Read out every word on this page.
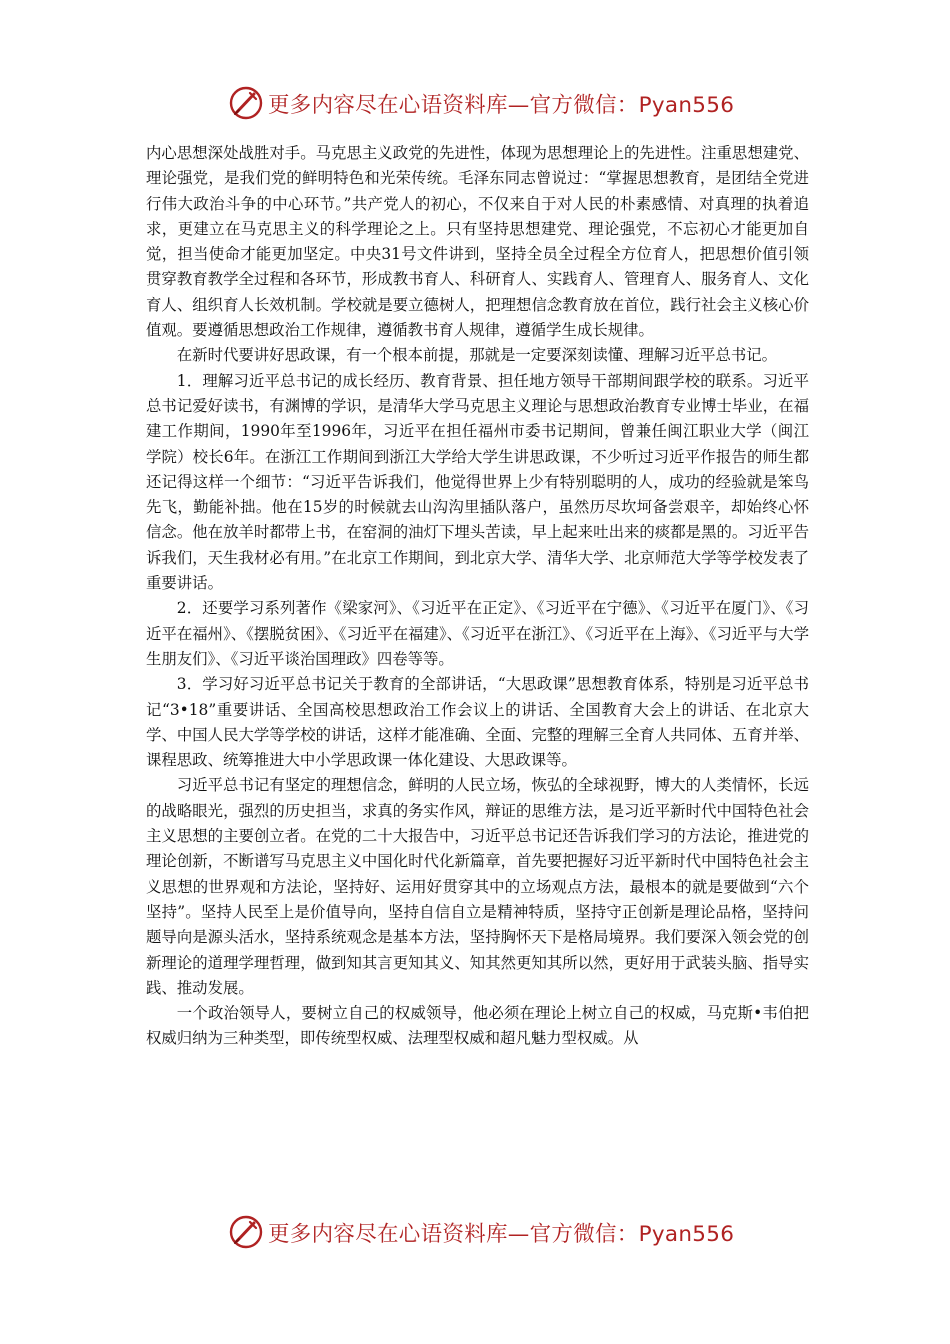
更多内容尽在心语资料库—官方微信：Pyan556

内心思想深处战胜对手。马克思主义政党的先进性，体现为思想理论上的先进性。注重思想建党、理论强党，是我们党的鲜明特色和光荣传统。毛泽东同志曾说过：“掌握思想教育，是团结全党进行伟大政治斗争的中心环节。”共产党人的初心，不仅来自于对人民的朴素感情、对真理的执着追求，更建立在马克思主义的科学理论之上。只有坚持思想建党、理论强党，不忘初心才能更加自觉，担当使命才能更加坚定。中央31号文件讲到，坚持全员全过程全方位育人，把思想价值引领贯穿教育教学全过程和各环节，形成教书育人、科研育人、实践育人、管理育人、服务育人、文化育人、组织育人长效机制。学校就是要立德树人，把理想信念教育放在首位，践行社会主义核心价值观。要遵循思想政治工作规律，遵循教书育人规律，遵循学生成长规律。

在新时代要讲好思政课，有一个根本前提，那就是一定要深刻读懂、理解习近平总书记。

1．理解习近平总书记的成长经历、教育背景、担任地方领导干部期间跟学校的联系。习近平总书记爱好读书，有渊博的学识，是清华大学马克思主义理论与思想政治教育专业博士毕业，在福建工作期间，1990年至1996年，习近平在担任福州市委书记期间，曾兼任闽江职业大学（闽江学院）校长6年。在浙江工作期间到浙江大学给大学生讲思政课，不少听过习近平作报告的师生都还记得这样一个细节：“习近平告诉我们，他觉得世界上少有特别聪明的人，成功的经验就是笨鸟先飞，勤能补拙。他在15岁的时候就去山沟沟里插队落户，虽然历尽坎坷备尝艰辛，却始终心怀信念。他在放羊时都带上书，在窑洞的油灯下埋头苦读，早上起来吐出来的痰都是黑的。习近平告诉我们，天生我材必有用。”在北京工作期间，到北京大学、清华大学、北京师范大学等学校发表了重要讲话。

2．还要学习系列著作《梁家河》、《习近平在正定》、《习近平在宁德》、《习近平在厦门》、《习近平在福州》、《摆脱贫困》、《习近平在福建》、《习近平在浙江》、《习近平在上海》、《习近平与大学生朋友们》、《习近平谈治国理政》四卷等等。

3．学习好习近平总书记关于教育的全部讲话，“大思政课”思想教育体系，特别是习近平总书记“3•18”重要讲话、全国高校思想政治工作会议上的讲话、全国教育大会上的讲话、在北京大学、中国人民大学等学校的讲话，这样才能准确、全面、完整的理解三全育人共同体、五育并举、课程思政、统筹推进大中小学思政课一体化建设、大思政课等。

习近平总书记有坚定的理想信念，鲜明的人民立场，恢弘的全球视野，博大的人类情怀，长远的战略眼光，强烈的历史担当，求真的务实作风，辩证的思维方法，是习近平新时代中国特色社会主义思想的主要创立者。在党的二十大报告中，习近平总书记还告诉我们学习的方法论，推进党的理论创新，不断谱写马克思主义中国化时代化新篇章，首先要把握好习近平新时代中国特色社会主义思想的世界观和方法论，坚持好、运用好贯穿其中的立场观点方法，最根本的就是要做到“六个坚持”。坚持人民至上是价值导向，坚持自信自立是精神特质，坚持守正创新是理论品格，坚持问题导向是源头活水，坚持系统观念是基本方法，坚持胸怀天下是格局境界。我们要深入领会党的创新理论的道理学理哲理，做到知其言更知其义、知其然更知其所以然，更好用于武装头脑、指导实践、推动发展。

一个政治领导人，要树立自己的权威领导，他必须在理论上树立自己的权威，马克斯•韦伯把权威归纳为三种类型，即传统型权威、法理型权威和超凡魅力型权威。从

更多内容尽在心语资料库—官方微信：Pyan556
